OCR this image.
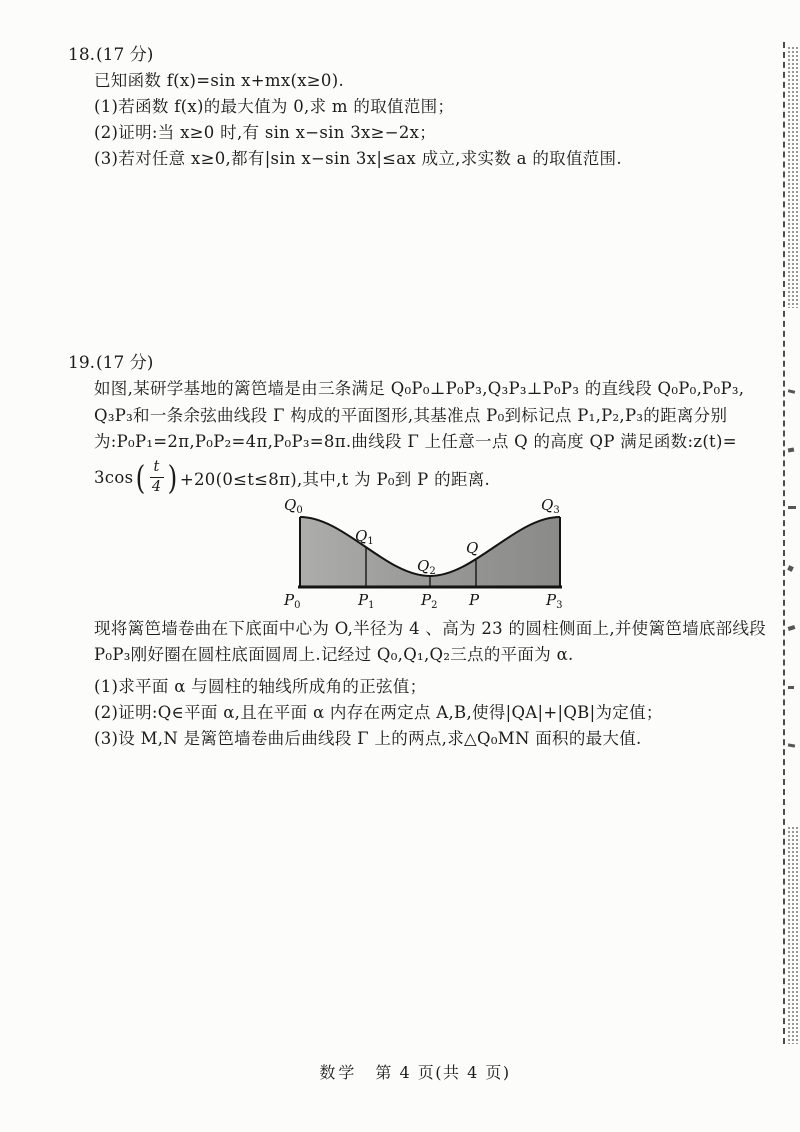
18.(17 分)
已知函数 f(x)=sin x+mx(x≥0).
(1)若函数 f(x)的最大值为 0,求 m 的取值范围；
(2)证明:当 x≥0 时,有 sin x−sin 3x≥−2x；
(3)若对任意 x≥0,都有|sin x−sin 3x|≤ax 成立,求实数 a 的取值范围.
19.(17 分)
如图,某研学基地的篱笆墙是由三条满足 Q₀P₀⊥P₀P₃,Q₃P₃⊥P₀P₃ 的直线段 Q₀P₀,P₀P₃,
Q₃P₃和一条余弦曲线段 Γ 构成的平面图形,其基准点 P₀到标记点 P₁,P₂,P₃的距离分别
为:P₀P₁=2π,P₀P₂=4π,P₀P₃=8π.曲线段 Γ 上任意一点 Q 的高度 QP 满足函数:z(t)=
3cos ( $\frac{t}{4}$ ) +20(0≤t≤8π),其中,t 为 P₀到 P 的距离.
$Q_0$
$Q_1$
$Q_2$
Q
$Q_3$
$P_0$	$P_1$	$P_2$ P	$P_3$
现将篱笆墙卷曲在下底面中心为 O,半径为 4 、高为 23 的圆柱侧面上,并使篱笆墙底部线段
P₀P₃刚好圈在圆柱底面圆周上.记经过 Q₀,Q₁,Q₂三点的平面为 α.
(1)求平面 α 与圆柱的轴线所成角的正弦值；
(2)证明:Q∈平面 α,且在平面 α 内存在两定点 A,B,使得|QA|+|QB|为定值；
(3)设 M,N 是篱笆墙卷曲后曲线段 Γ 上的两点,求△Q₀MN 面积的最大值.
数学 第 4 页(共 4 页)
